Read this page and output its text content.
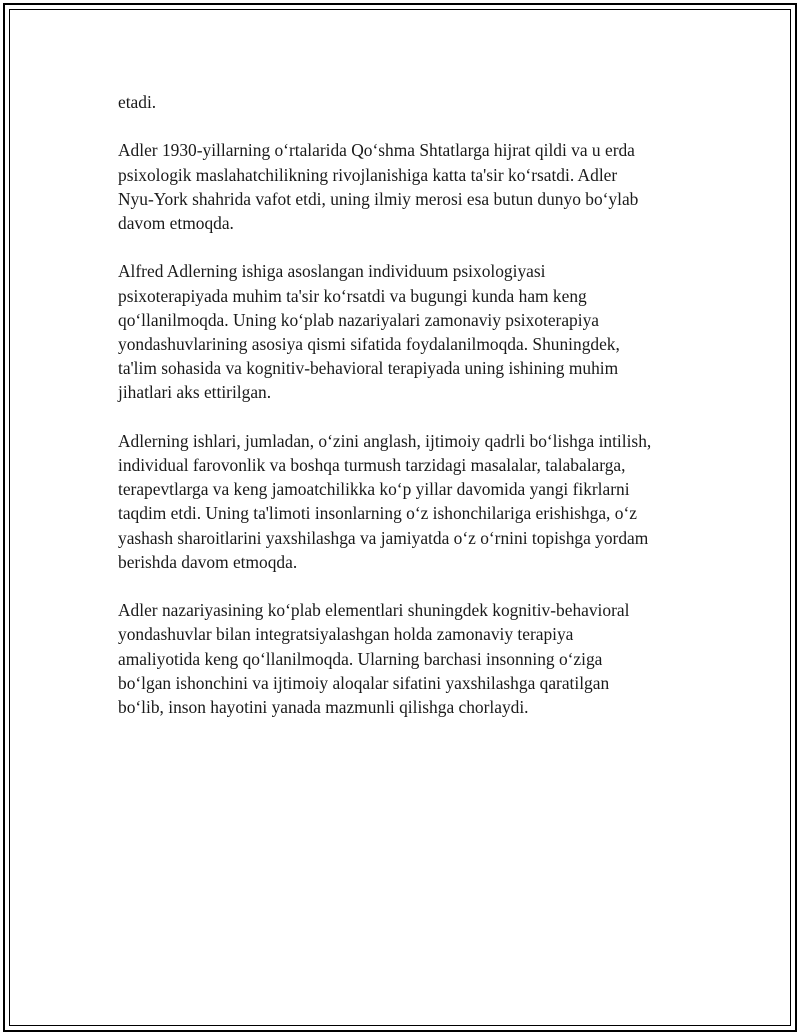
etadi.

Adler 1930-yillarning o‘rtalarida Qo‘shma Shtatlarga hijrat qildi va u erda
psixologik maslahatchilikning rivojlanishiga katta ta'sir ko‘rsatdi. Adler
Nyu-York shahrida vafot etdi, uning ilmiy merosi esa butun dunyo bo‘ylab
davom etmoqda.

Alfred Adlerning ishiga asoslangan individuum psixologiyasi
psixoterapiyada muhim ta'sir ko‘rsatdi va bugungi kunda ham keng
qo‘llanilmoqda. Uning ko‘plab nazariyalari zamonaviy psixoterapiya
yondashuvlarining asosiya qismi sifatida foydalanilmoqda. Shuningdek,
ta'lim sohasida va kognitiv-behavioral terapiyada uning ishining muhim
jihatlari aks ettirilgan.

Adlerning ishlari, jumladan, o‘zini anglash, ijtimoiy qadrli bo‘lishga intilish,
individual farovonlik va boshqa turmush tarzidagi masalalar, talabalarga,
terapevtlarga va keng jamoatchilikka ko‘p yillar davomida yangi fikrlarni
taqdim etdi. Uning ta'limoti insonlarning o‘z ishonchilariga erishishga, o‘z
yashash sharoitlarini yaxshilashga va jamiyatda o‘z o‘rnini topishga yordam
berishda davom etmoqda.

Adler nazariyasining ko‘plab elementlari shuningdek kognitiv-behavioral
yondashuvlar bilan integratsiyalashgan holda zamonaviy terapiya
amaliyotida keng qo‘llanilmoqda. Ularning barchasi insonning o‘ziga
bo‘lgan ishonchini va ijtimoiy aloqalar sifatini yaxshilashga qaratilgan
bo‘lib, inson hayotini yanada mazmunli qilishga chorlaydi.
